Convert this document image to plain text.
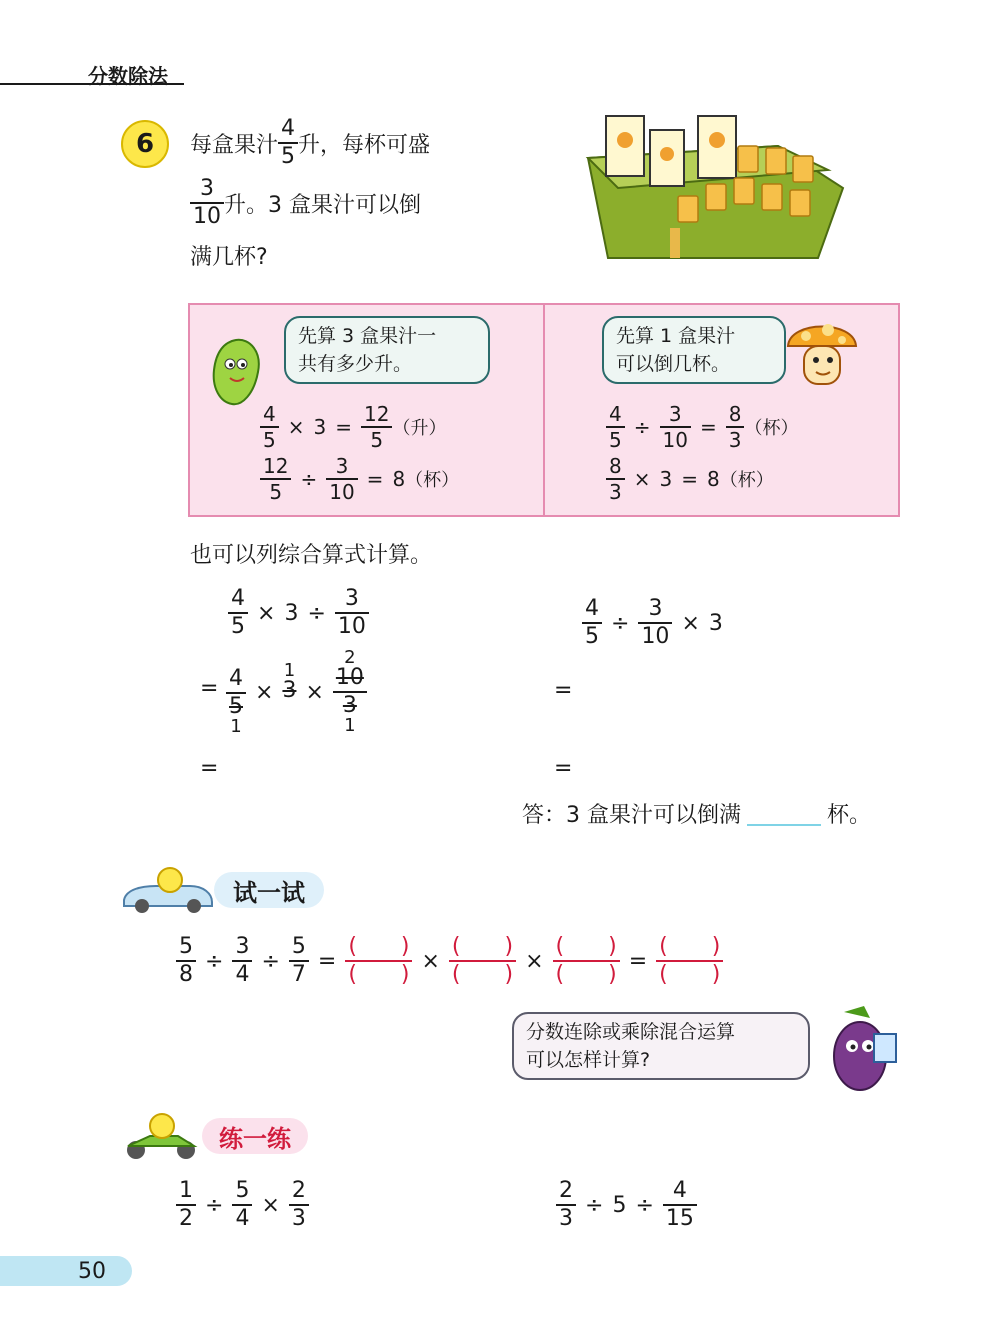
分数除法
6 每盒果汁
4
5 升，每杯可盛
3
10 升。3 盒果汁可以倒
满几杯?
先算 3 盒果汁一
共有多少升。
4
5
× 3 =
12
5 （升）
12
5
÷
3
10
= 8 （杯）
先算 1 盒果汁
可以倒几杯。
4
5
÷
3
10
=
8
3 （杯）
8
3
× 3 = 8 （杯）
也可以列综合算式计算。
4
5
× 3 ÷
3
10
= 4
5
1
×
1
3 ×
2
10
3
1
=
4
5
÷
3
10
× 3
=
=
答：3 盒果汁可以倒满	杯。
试一试
5
8
÷
3
4
÷
5
7
=
(　　)
(　　)
×
(　　)
(　　)
×
(　　)
(　　)
=
(　　)
(　　)
分数连除或乘除混合运算
可以怎样计算?
练一练
1
2
÷
5
4
×
2
3
2
3
÷ 5 ÷
4
15
50
